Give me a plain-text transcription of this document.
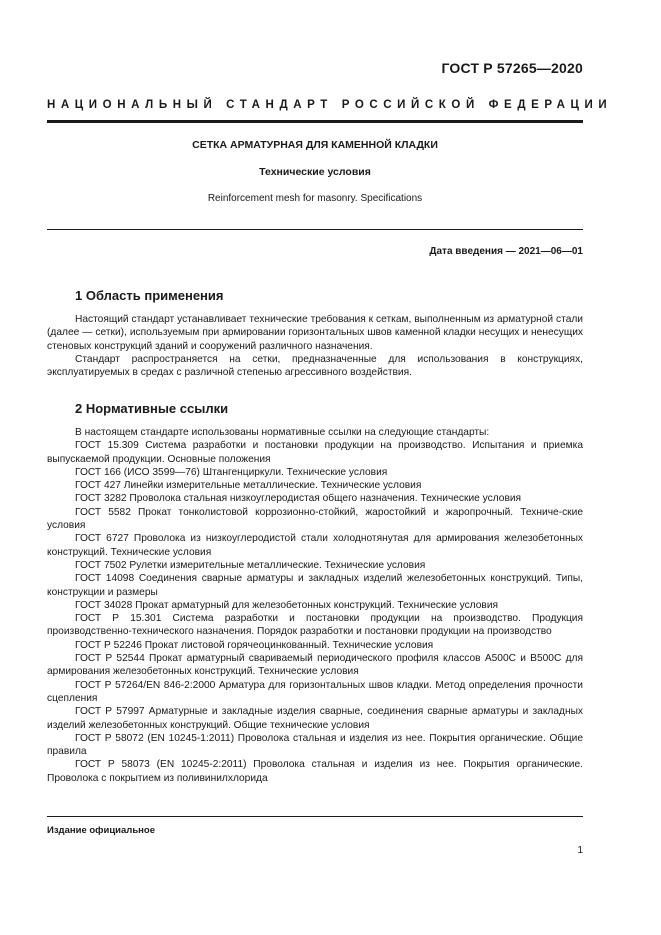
ГОСТ Р 57265—2020
НАЦИОНАЛЬНЫЙ СТАНДАРТ РОССИЙСКОЙ ФЕДЕРАЦИИ
СЕТКА АРМАТУРНАЯ ДЛЯ КАМЕННОЙ КЛАДКИ
Технические условия
Reinforcement mesh for masonry. Specifications
Дата введения — 2021—06—01
1 Область применения

Настоящий стандарт устанавливает технические требования к сеткам, выполненным из арматурной стали (далее — сетки), используемым при армировании горизонтальных швов каменной кладки несущих и ненесущих стеновых конструкций зданий и сооружений различного назначения.

Стандарт распространяется на сетки, предназначенные для использования в конструкциях, эксплуатируемых в средах с различной степенью агрессивного воздействия.

2 Нормативные ссылки

В настоящем стандарте использованы нормативные ссылки на следующие стандарты:

ГОСТ 15.309 Система разработки и постановки продукции на производство. Испытания и приемка выпускаемой продукции. Основные положения

ГОСТ 166 (ИСО 3599—76) Штангенциркули. Технические условия

ГОСТ 427 Линейки измерительные металлические. Технические условия

ГОСТ 3282 Проволока стальная низкоуглеродистая общего назначения. Технические условия

ГОСТ 5582 Прокат тонколистовой коррозионно-стойкий, жаростойкий и жаропрочный. Техниче-ские условия

ГОСТ 6727 Проволока из низкоуглеродистой стали холоднотянутая для армирования железобетонных конструкций. Технические условия

ГОСТ 7502 Рулетки измерительные металлические. Технические условия

ГОСТ 14098 Соединения сварные арматуры и закладных изделий железобетонных конструкций. Типы, конструкции и размеры

ГОСТ 34028 Прокат арматурный для железобетонных конструкций. Технические условия

ГОСТ Р 15.301 Система разработки и постановки продукции на производство. Продукция производственно-технического назначения. Порядок разработки и постановки продукции на производство

ГОСТ Р 52246 Прокат листовой горячеоцинкованный. Технические условия

ГОСТ Р 52544 Прокат арматурный свариваемый периодического профиля классов А500С и В500С для армирования железобетонных конструкций. Технические условия

ГОСТ Р 57264/EN 846-2:2000 Арматура для горизонтальных швов кладки. Метод определения прочности сцепления

ГОСТ Р 57997 Арматурные и закладные изделия сварные, соединения сварные арматуры и закладных изделий железобетонных конструкций. Общие технические условия

ГОСТ Р 58072 (EN 10245-1:2011) Проволока стальная и изделия из нее. Покрытия органические. Общие правила

ГОСТ Р 58073 (EN 10245-2:2011) Проволока стальная и изделия из нее. Покрытия органические. Проволока с покрытием из поливинилхлорида

Издание официальное
1
